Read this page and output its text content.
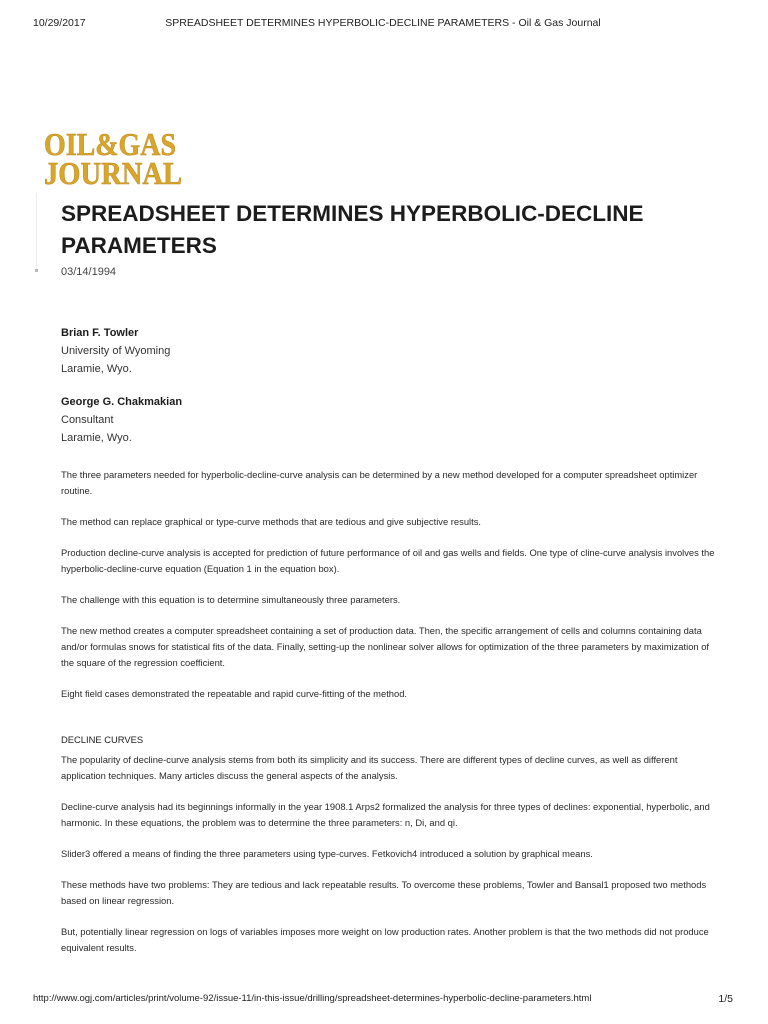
10/29/2017	SPREADSHEET DETERMINES HYPERBOLIC-DECLINE PARAMETERS - Oil & Gas Journal
OIL&GAS
JOURNAL
SPREADSHEET DETERMINES HYPERBOLIC-DECLINE PARAMETERS
03/14/1994
Brian F. Towler
University of Wyoming
Laramie, Wyo.
George G. Chakmakian
Consultant
Laramie, Wyo.

The three parameters needed for hyperbolic-decline-curve analysis can be determined by a new method developed for a computer spreadsheet optimizer routine.

The method can replace graphical or type-curve methods that are tedious and give subjective results.

Production decline-curve analysis is accepted for prediction of future performance of oil and gas wells and fields. One type of cline-curve analysis involves the hyperbolic-decline-curve equation (Equation 1 in the equation box).

The challenge with this equation is to determine simultaneously three parameters.

The new method creates a computer spreadsheet containing a set of production data. Then, the specific arrangement of cells and columns containing data and/or formulas snows for statistical fits of the data. Finally, setting-up the nonlinear solver allows for optimization of the three parameters by maximization of the square of the regression coefficient.

Eight field cases demonstrated the repeatable and rapid curve-fitting of the method.

DECLINE CURVES

The popularity of decline-curve analysis stems from both its simplicity and its success. There are different types of decline curves, as well as different application techniques. Many articles discuss the general aspects of the analysis.

Decline-curve analysis had its beginnings informally in the year 1908.1 Arps2 formalized the analysis for three types of declines: exponential, hyperbolic, and harmonic. In these equations, the problem was to determine the three parameters: n, Di, and qi.

Slider3 offered a means of finding the three parameters using type-curves. Fetkovich4 introduced a solution by graphical means.

These methods have two problems: They are tedious and lack repeatable results. To overcome these problems, Towler and Bansal1 proposed two methods based on linear regression.

But, potentially linear regression on logs of variables imposes more weight on low production rates. Another problem is that the two methods did not produce equivalent results.

http://www.ogj.com/articles/print/volume-92/issue-11/in-this-issue/drilling/spreadsheet-determines-hyperbolic-decline-parameters.html	1/5
